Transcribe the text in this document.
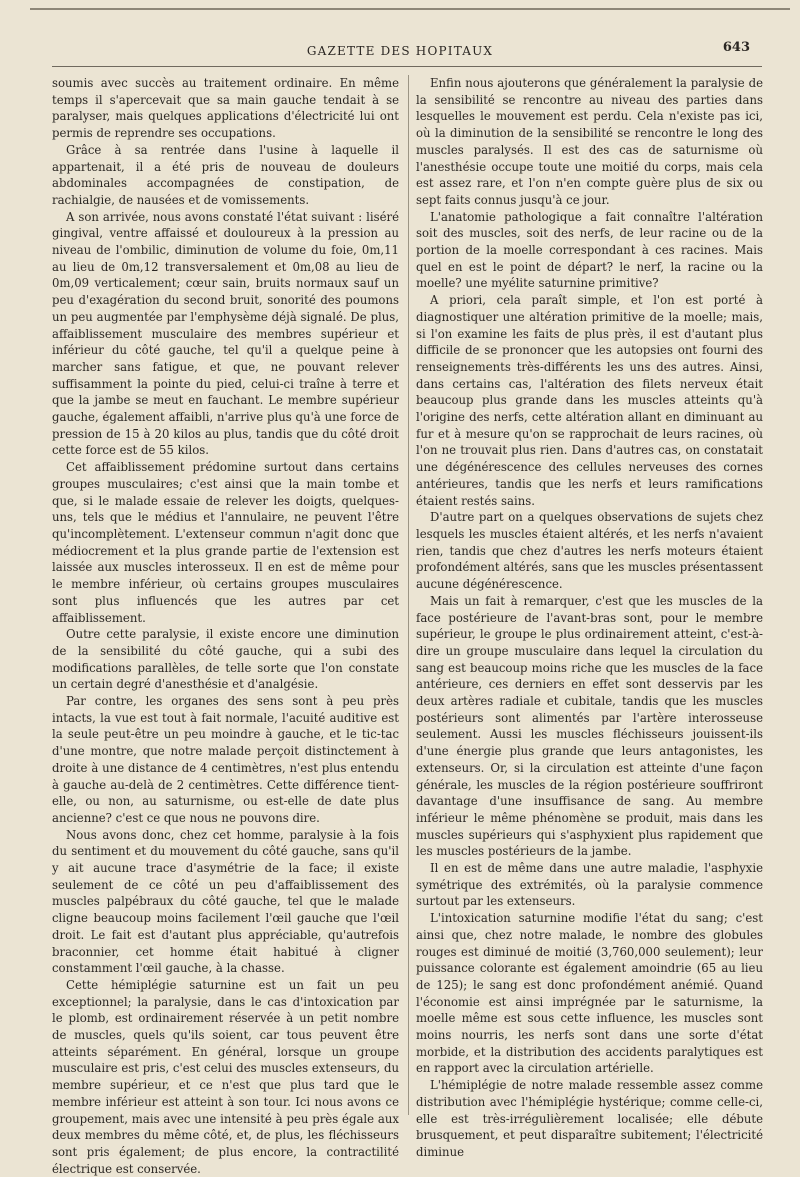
GAZETTE DES HOPITAUX	643

soumis avec succès au traitement ordinaire. En même temps il s'apercevait que sa main gauche tendait à se paralyser, mais quelques applications d'électricité lui ont permis de reprendre ses occupations.

Grâce à sa rentrée dans l'usine à laquelle il appartenait, il a été pris de nouveau de douleurs abdominales accompagnées de constipation, de rachialgie, de nausées et de vomissements.

A son arrivée, nous avons constaté l'état suivant : liséré gingival, ventre affaissé et douloureux à la pression au niveau de l'ombilic, diminution de volume du foie, 0m,11 au lieu de 0m,12 transversalement et 0m,08 au lieu de 0m,09 verticalement; cœur sain, bruits normaux sauf un peu d'exagération du second bruit, sonorité des poumons un peu augmentée par l'emphysème déjà signalé. De plus, affaiblissement musculaire des membres supérieur et inférieur du côté gauche, tel qu'il a quelque peine à marcher sans fatigue, et que, ne pouvant relever suffisamment la pointe du pied, celui-ci traîne à terre et que la jambe se meut en fauchant. Le membre supérieur gauche, également affaibli, n'arrive plus qu'à une force de pression de 15 à 20 kilos au plus, tandis que du côté droit cette force est de 55 kilos.

Cet affaiblissement prédomine surtout dans certains groupes musculaires; c'est ainsi que la main tombe et que, si le malade essaie de relever les doigts, quelques-uns, tels que le médius et l'annulaire, ne peuvent l'être qu'incomplètement. L'extenseur commun n'agit donc que médiocrement et la plus grande partie de l'extension est laissée aux muscles interosseux. Il en est de même pour le membre inférieur, où certains groupes musculaires sont plus influencés que les autres par cet affaiblissement.

Outre cette paralysie, il existe encore une diminution de la sensibilité du côté gauche, qui a subi des modifications parallèles, de telle sorte que l'on constate un certain degré d'anesthésie et d'analgésie.

Par contre, les organes des sens sont à peu près intacts, la vue est tout à fait normale, l'acuité auditive est la seule peut-être un peu moindre à gauche, et le tic-tac d'une montre, que notre malade perçoit distinctement à droite à une distance de 4 centimètres, n'est plus entendu à gauche au-delà de 2 centimètres. Cette différence tient-elle, ou non, au saturnisme, ou est-elle de date plus ancienne? c'est ce que nous ne pouvons dire.

Nous avons donc, chez cet homme, paralysie à la fois du sentiment et du mouvement du côté gauche, sans qu'il y ait aucune trace d'asymétrie de la face; il existe seulement de ce côté un peu d'affaiblissement des muscles palpébraux du côté gauche, tel que le malade cligne beaucoup moins facilement l'œil gauche que l'œil droit. Le fait est d'autant plus appréciable, qu'autrefois braconnier, cet homme était habitué à cligner constamment l'œil gauche, à la chasse.

Cette hémiplégie saturnine est un fait un peu exceptionnel; la paralysie, dans le cas d'intoxication par le plomb, est ordinairement réservée à un petit nombre de muscles, quels qu'ils soient, car tous peuvent être atteints séparément. En général, lorsque un groupe musculaire est pris, c'est celui des muscles extenseurs, du membre supérieur, et ce n'est que plus tard que le membre inférieur est atteint à son tour. Ici nous avons ce groupement, mais avec une intensité à peu près égale aux deux membres du même côté, et, de plus, les fléchisseurs sont pris également; de plus encore, la contractilité électrique est conservée.

Enfin nous ajouterons que généralement la paralysie de la sensibilité se rencontre au niveau des parties dans lesquelles le mouvement est perdu. Cela n'existe pas ici, où la diminution de la sensibilité se rencontre le long des muscles paralysés. Il est des cas de saturnisme où l'anesthésie occupe toute une moitié du corps, mais cela est assez rare, et l'on n'en compte guère plus de six ou sept faits connus jusqu'à ce jour.

L'anatomie pathologique a fait connaître l'altération soit des muscles, soit des nerfs, de leur racine ou de la portion de la moelle correspondant à ces racines. Mais quel en est le point de départ? le nerf, la racine ou la moelle? une myélite saturnine primitive?

A priori, cela paraît simple, et l'on est porté à diagnostiquer une altération primitive de la moelle; mais, si l'on examine les faits de plus près, il est d'autant plus difficile de se prononcer que les autopsies ont fourni des renseignements très-différents les uns des autres. Ainsi, dans certains cas, l'altération des filets nerveux était beaucoup plus grande dans les muscles atteints qu'à l'origine des nerfs, cette altération allant en diminuant au fur et à mesure qu'on se rapprochait de leurs racines, où l'on ne trouvait plus rien. Dans d'autres cas, on constatait une dégénérescence des cellules nerveuses des cornes antérieures, tandis que les nerfs et leurs ramifications étaient restés sains.

D'autre part on a quelques observations de sujets chez lesquels les muscles étaient altérés, et les nerfs n'avaient rien, tandis que chez d'autres les nerfs moteurs étaient profondément altérés, sans que les muscles présentassent aucune dégénérescence.

Mais un fait à remarquer, c'est que les muscles de la face postérieure de l'avant-bras sont, pour le membre supérieur, le groupe le plus ordinairement atteint, c'est-à-dire un groupe musculaire dans lequel la circulation du sang est beaucoup moins riche que les muscles de la face antérieure, ces derniers en effet sont desservis par les deux artères radiale et cubitale, tandis que les muscles postérieurs sont alimentés par l'artère interosseuse seulement. Aussi les muscles fléchisseurs jouissent-ils d'une énergie plus grande que leurs antagonistes, les extenseurs. Or, si la circulation est atteinte d'une façon générale, les muscles de la région postérieure souffriront davantage d'une insuffisance de sang. Au membre inférieur le même phénomène se produit, mais dans les muscles supérieurs qui s'asphyxient plus rapidement que les muscles postérieurs de la jambe.

Il en est de même dans une autre maladie, l'asphyxie symétrique des extrémités, où la paralysie commence surtout par les extenseurs.

L'intoxication saturnine modifie l'état du sang; c'est ainsi que, chez notre malade, le nombre des globules rouges est diminué de moitié (3,760,000 seulement); leur puissance colorante est également amoindrie (65 au lieu de 125); le sang est donc profondément anémié. Quand l'économie est ainsi imprégnée par le saturnisme, la moelle même est sous cette influence, les muscles sont moins nourris, les nerfs sont dans une sorte d'état morbide, et la distribution des accidents paralytiques est en rapport avec la circulation artérielle.

L'hémiplégie de notre malade ressemble assez comme distribution avec l'hémiplégie hystérique; comme celle-ci, elle est très-irrégulièrement localisée; elle débute brusquement, et peut disparaître subitement; l'électricité diminue
